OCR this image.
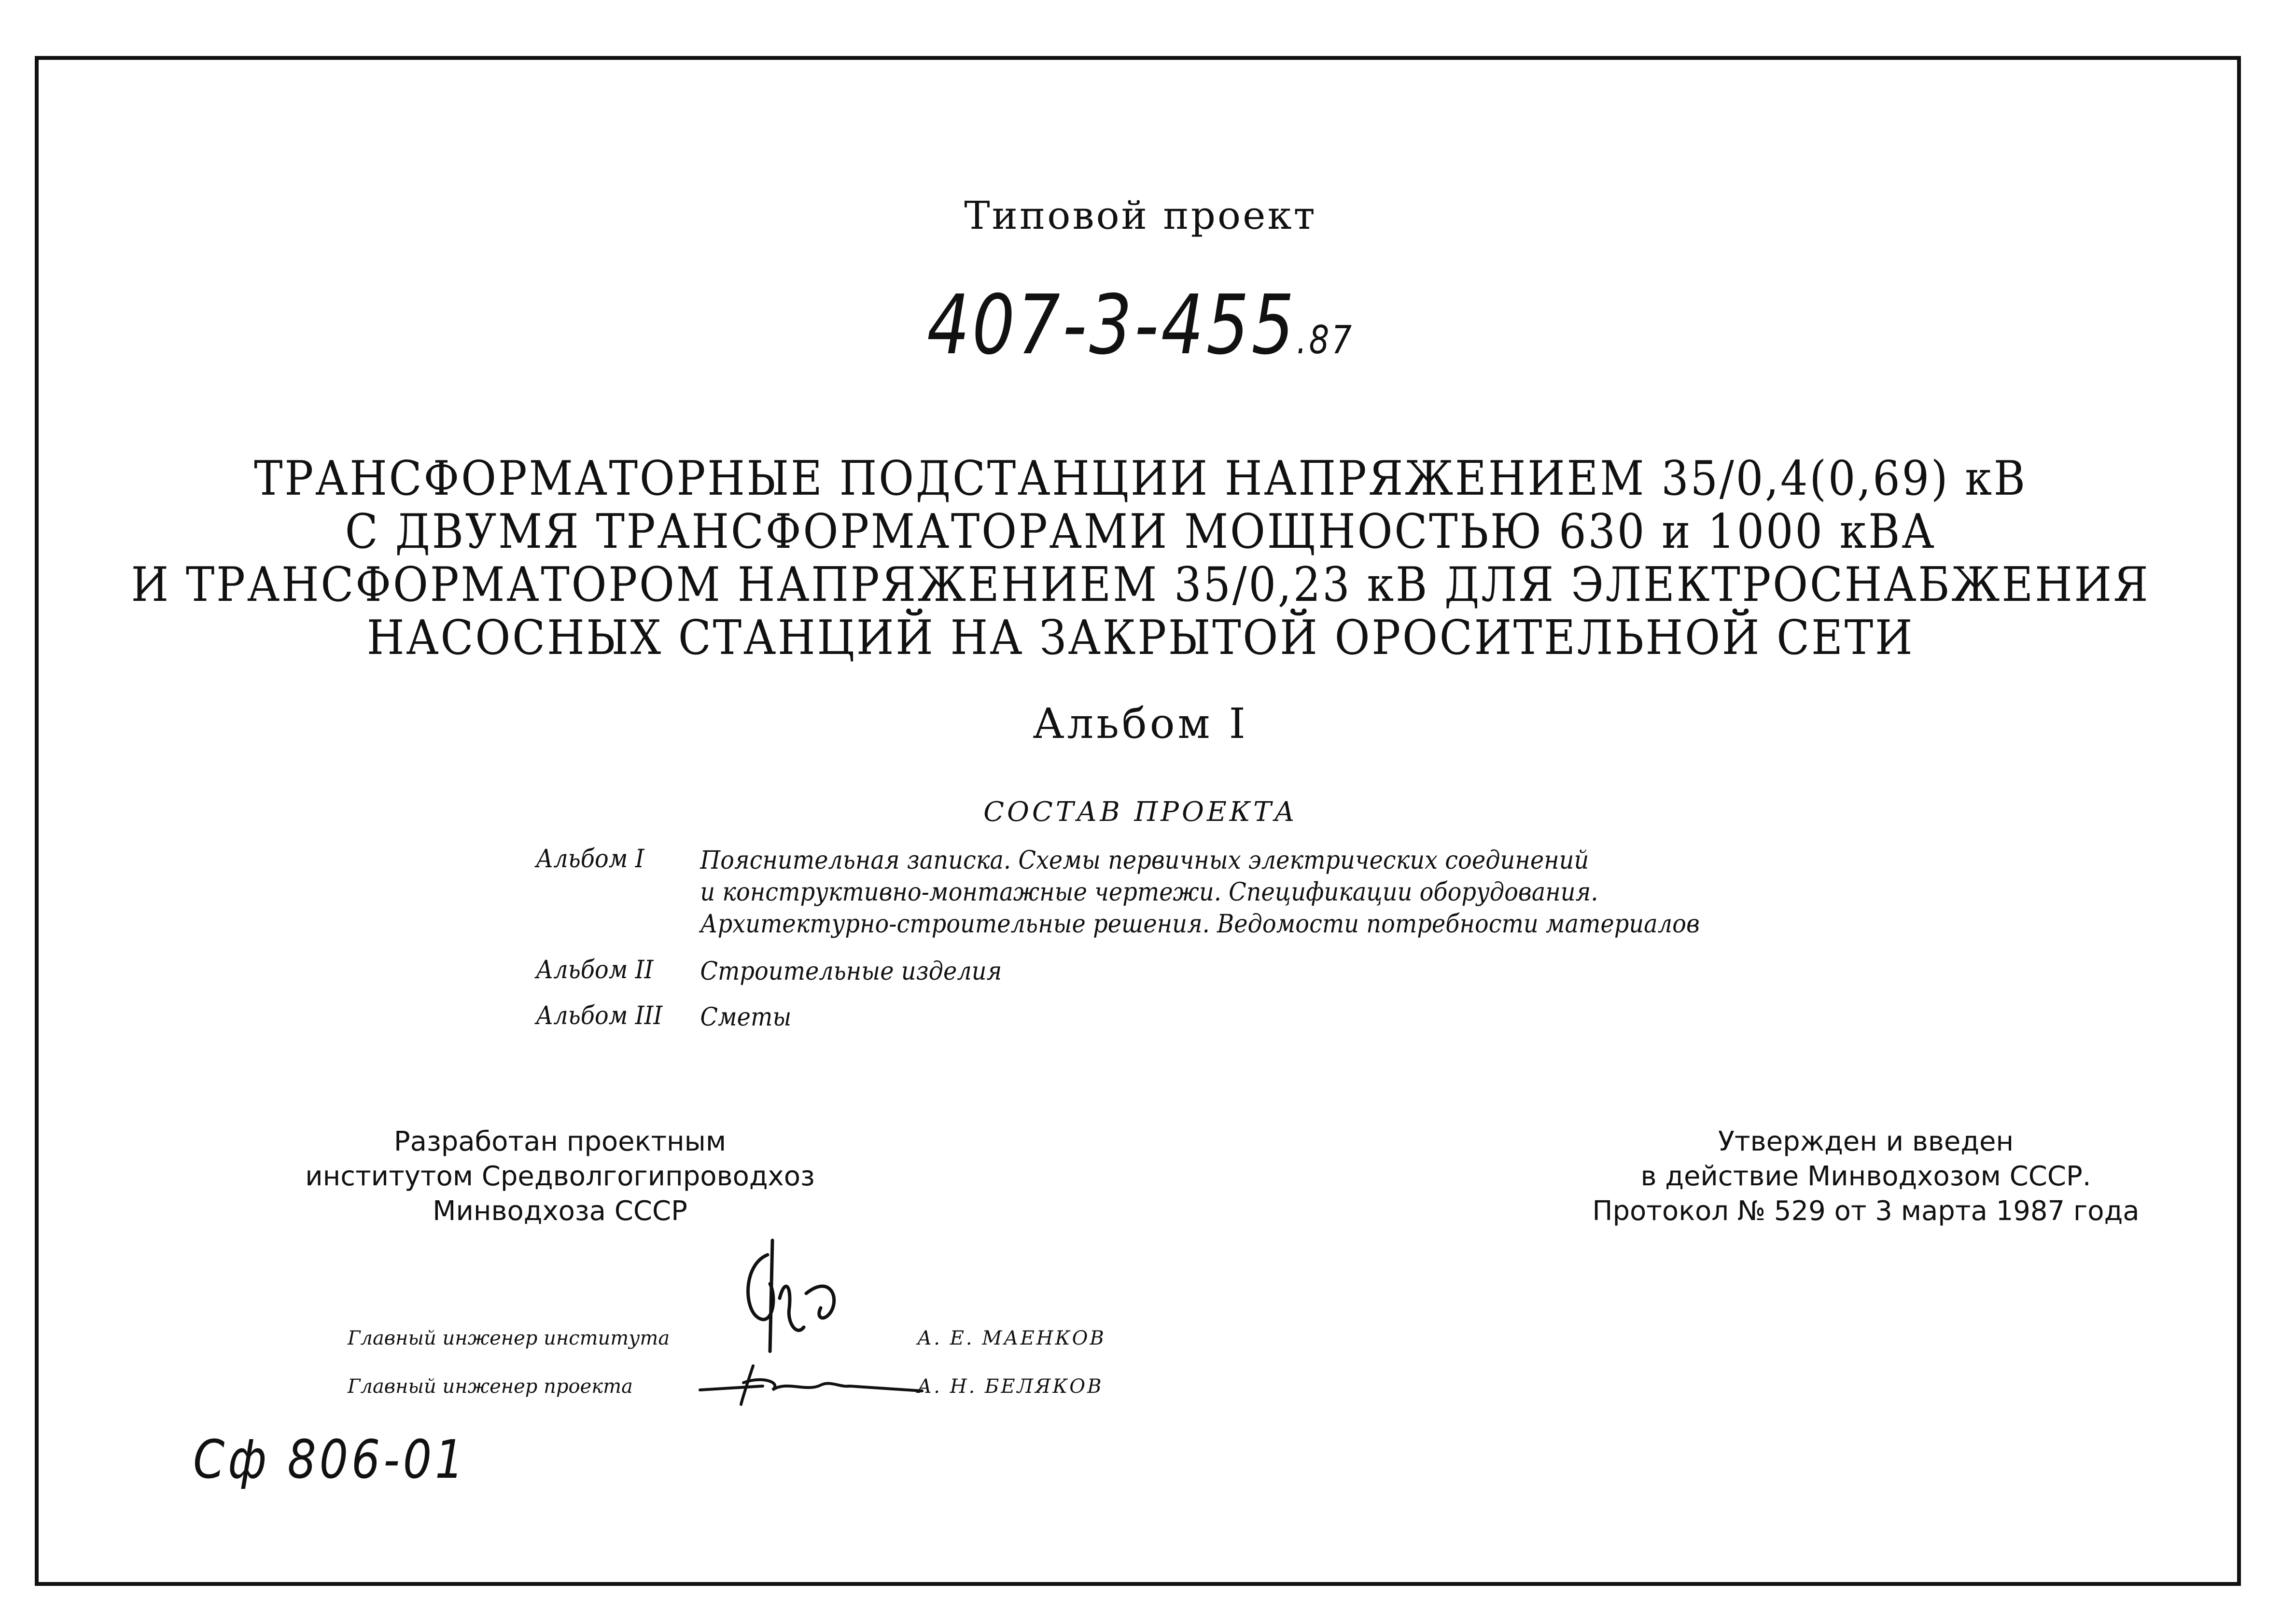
Типовой проект
407-3-455.87
ТРАНСФОРМАТОРНЫЕ ПОДСТАНЦИИ НАПРЯЖЕНИЕМ 35/0,4(0,69) кВ
С ДВУМЯ ТРАНСФОРМАТОРАМИ МОЩНОСТЬЮ 630 и 1000 кВА
И ТРАНСФОРМАТОРОМ НАПРЯЖЕНИЕМ 35/0,23 кВ ДЛЯ ЭЛЕКТРОСНАБЖЕНИЯ
НАСОСНЫХ СТАНЦИЙ НА ЗАКРЫТОЙ ОРОСИТЕЛЬНОЙ СЕТИ
Альбом I
СОСТАВ ПРОЕКТА
Альбом I Пояснительная записка. Схемы первичных электрических соединений
и конструктивно-монтажные чертежи. Спецификации оборудования.
Архитектурно-строительные решения. Ведомости потребности материалов
Альбом II Строительные изделия
Альбом III Сметы
Разработан проектным
институтом Средволгогипроводхоз
Минводхоза СССР
Утвержден и введен
в действие Минводхозом СССР.
Протокол № 529 от 3 марта 1987 года
Главный инженер института	А. Е. МАЕНКОВ
Главный инженер проекта	А. Н. БЕЛЯКОВ
Сф 806-01
